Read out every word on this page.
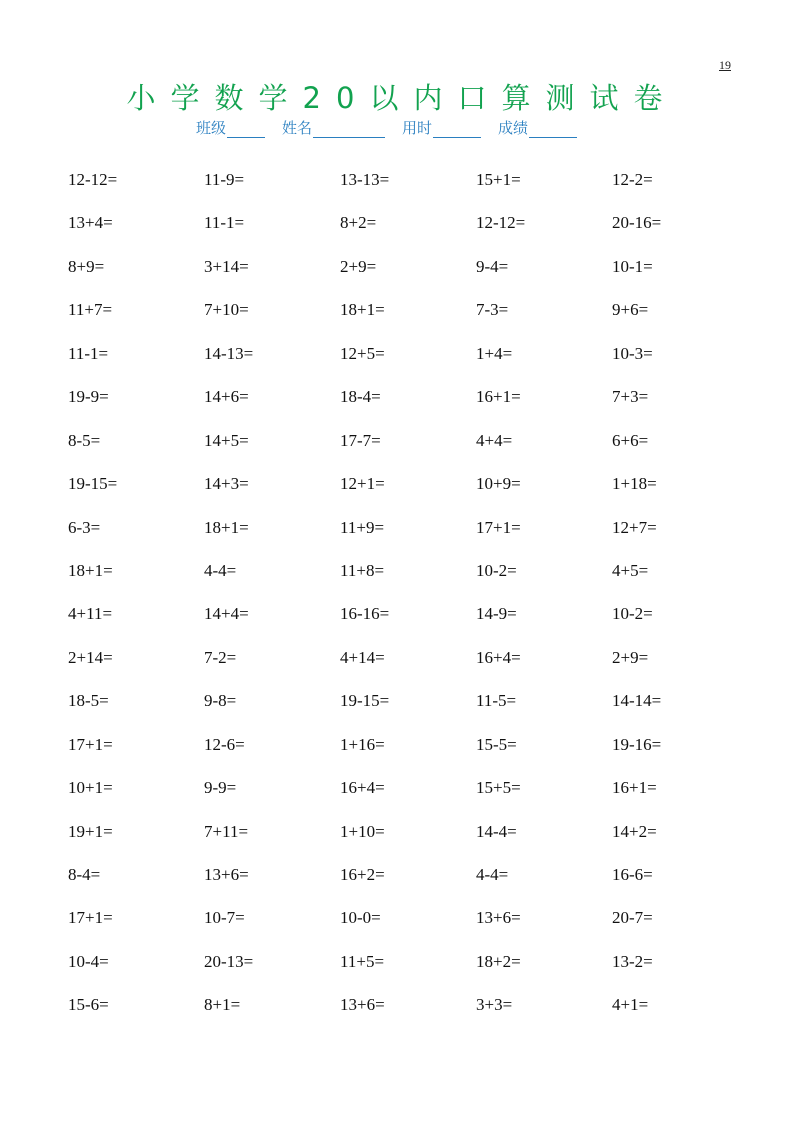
19
小学数学20以内口算测试卷
班级	姓名	用时	成绩
12-12=	11-9=	13-13=	15+1=	12-2=
13+4=	11-1=	8+2=	12-12=	20-16=
8+9=	3+14=	2+9=	9-4=	10-1=
11+7=	7+10=	18+1=	7-3=	9+6=
11-1=	14-13=	12+5=	1+4=	10-3=
19-9=	14+6=	18-4=	16+1=	7+3=
8-5=	14+5=	17-7=	4+4=	6+6=
19-15=	14+3=	12+1=	10+9=	1+18=
6-3=	18+1=	11+9=	17+1=	12+7=
18+1=	4-4=	11+8=	10-2=	4+5=
4+11=	14+4=	16-16=	14-9=	10-2=
2+14=	7-2=	4+14=	16+4=	2+9=
18-5=	9-8=	19-15=	11-5=	14-14=
17+1=	12-6=	1+16=	15-5=	19-16=
10+1=	9-9=	16+4=	15+5=	16+1=
19+1=	7+11=	1+10=	14-4=	14+2=
8-4=	13+6=	16+2=	4-4=	16-6=
17+1=	10-7=	10-0=	13+6=	20-7=
10-4=	20-13=	11+5=	18+2=	13-2=
15-6=	8+1=	13+6=	3+3=	4+1=
